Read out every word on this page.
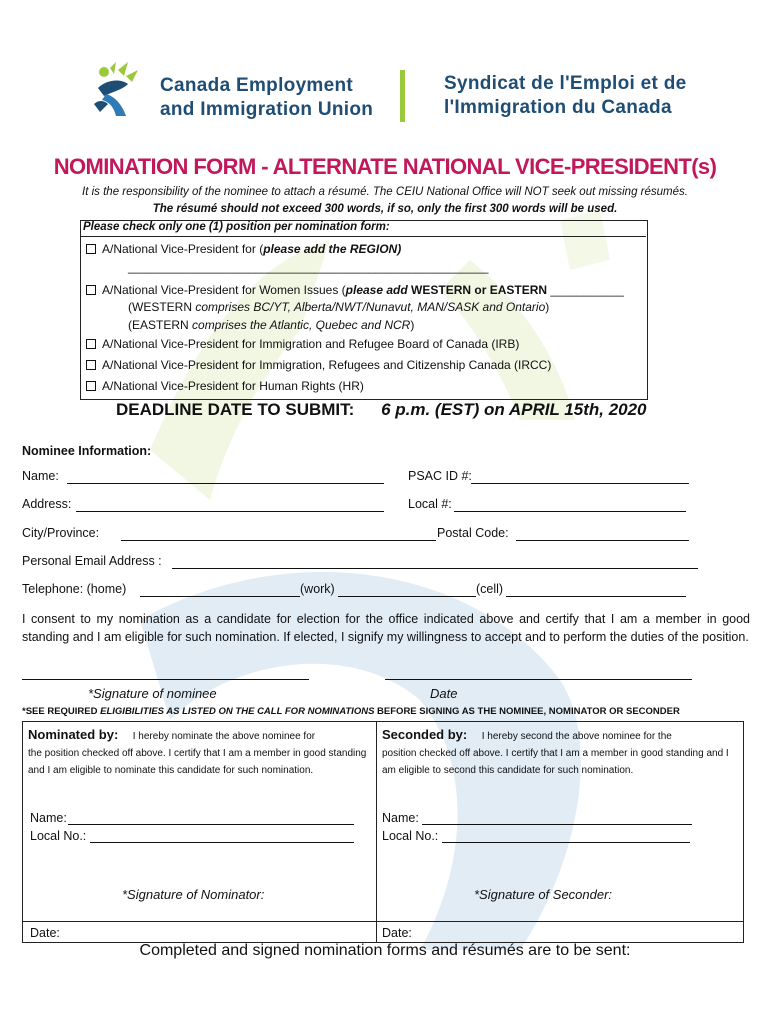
Canada Employment
and Immigration Union
Syndicat de l'Emploi et de
l'Immigration du Canada
NOMINATION FORM - ALTERNATE NATIONAL VICE-PRESIDENT(s)
It is the responsibility of the nominee to attach a résumé. The CEIU National Office will NOT seek out missing résumés.
The résumé should not exceed 300 words, if so, only the first 300 words will be used.
Please check only one (1) position per nomination form:
A/National Vice-President for (please add the REGION)
______________________________________________________
A/National Vice-President for Women Issues (please add WESTERN or EASTERN ___________
(WESTERN comprises BC/YT, Alberta/NWT/Nunavut, MAN/SASK and Ontario)
(EASTERN comprises the Atlantic, Quebec and NCR)
A/National Vice-President for Immigration and Refugee Board of Canada (IRB)
A/National Vice-President for Immigration, Refugees and Citizenship Canada (IRCC)
A/National Vice-President for Human Rights (HR)
DEADLINE DATE TO SUBMIT: 6 p.m. (EST) on APRIL 15th, 2020
Nominee Information:
Name:	PSAC ID #:
Address:	Local #:
City/Province:	Postal Code:
Personal Email Address :
Telephone: (home)	(work)	(cell)
I consent to my nomination as a candidate for election for the office indicated above and certify that I am a member in good standing and I am eligible for such nomination. If elected, I signify my willingness to accept and to perform the duties of the position.
*Signature of nominee	Date
*SEE REQUIRED ELIGIBILITIES AS LISTED ON THE CALL FOR NOMINATIONS BEFORE SIGNING AS THE NOMINEE, NOMINATOR OR SECONDER
Nominated by: I hereby nominate the above nominee for
the position checked off above. I certify that I am a member in good standing and I am eligible to nominate this candidate for such nomination.
Name:
Local No.:
*Signature of Nominator:
Date:
Seconded by: I hereby second the above nominee for the
position checked off above. I certify that I am a member in good standing and I am eligible to second this candidate for such nomination.
Name:
Local No.:
*Signature of Seconder:
Date:
Completed and signed nomination forms and résumés are to be sent:
